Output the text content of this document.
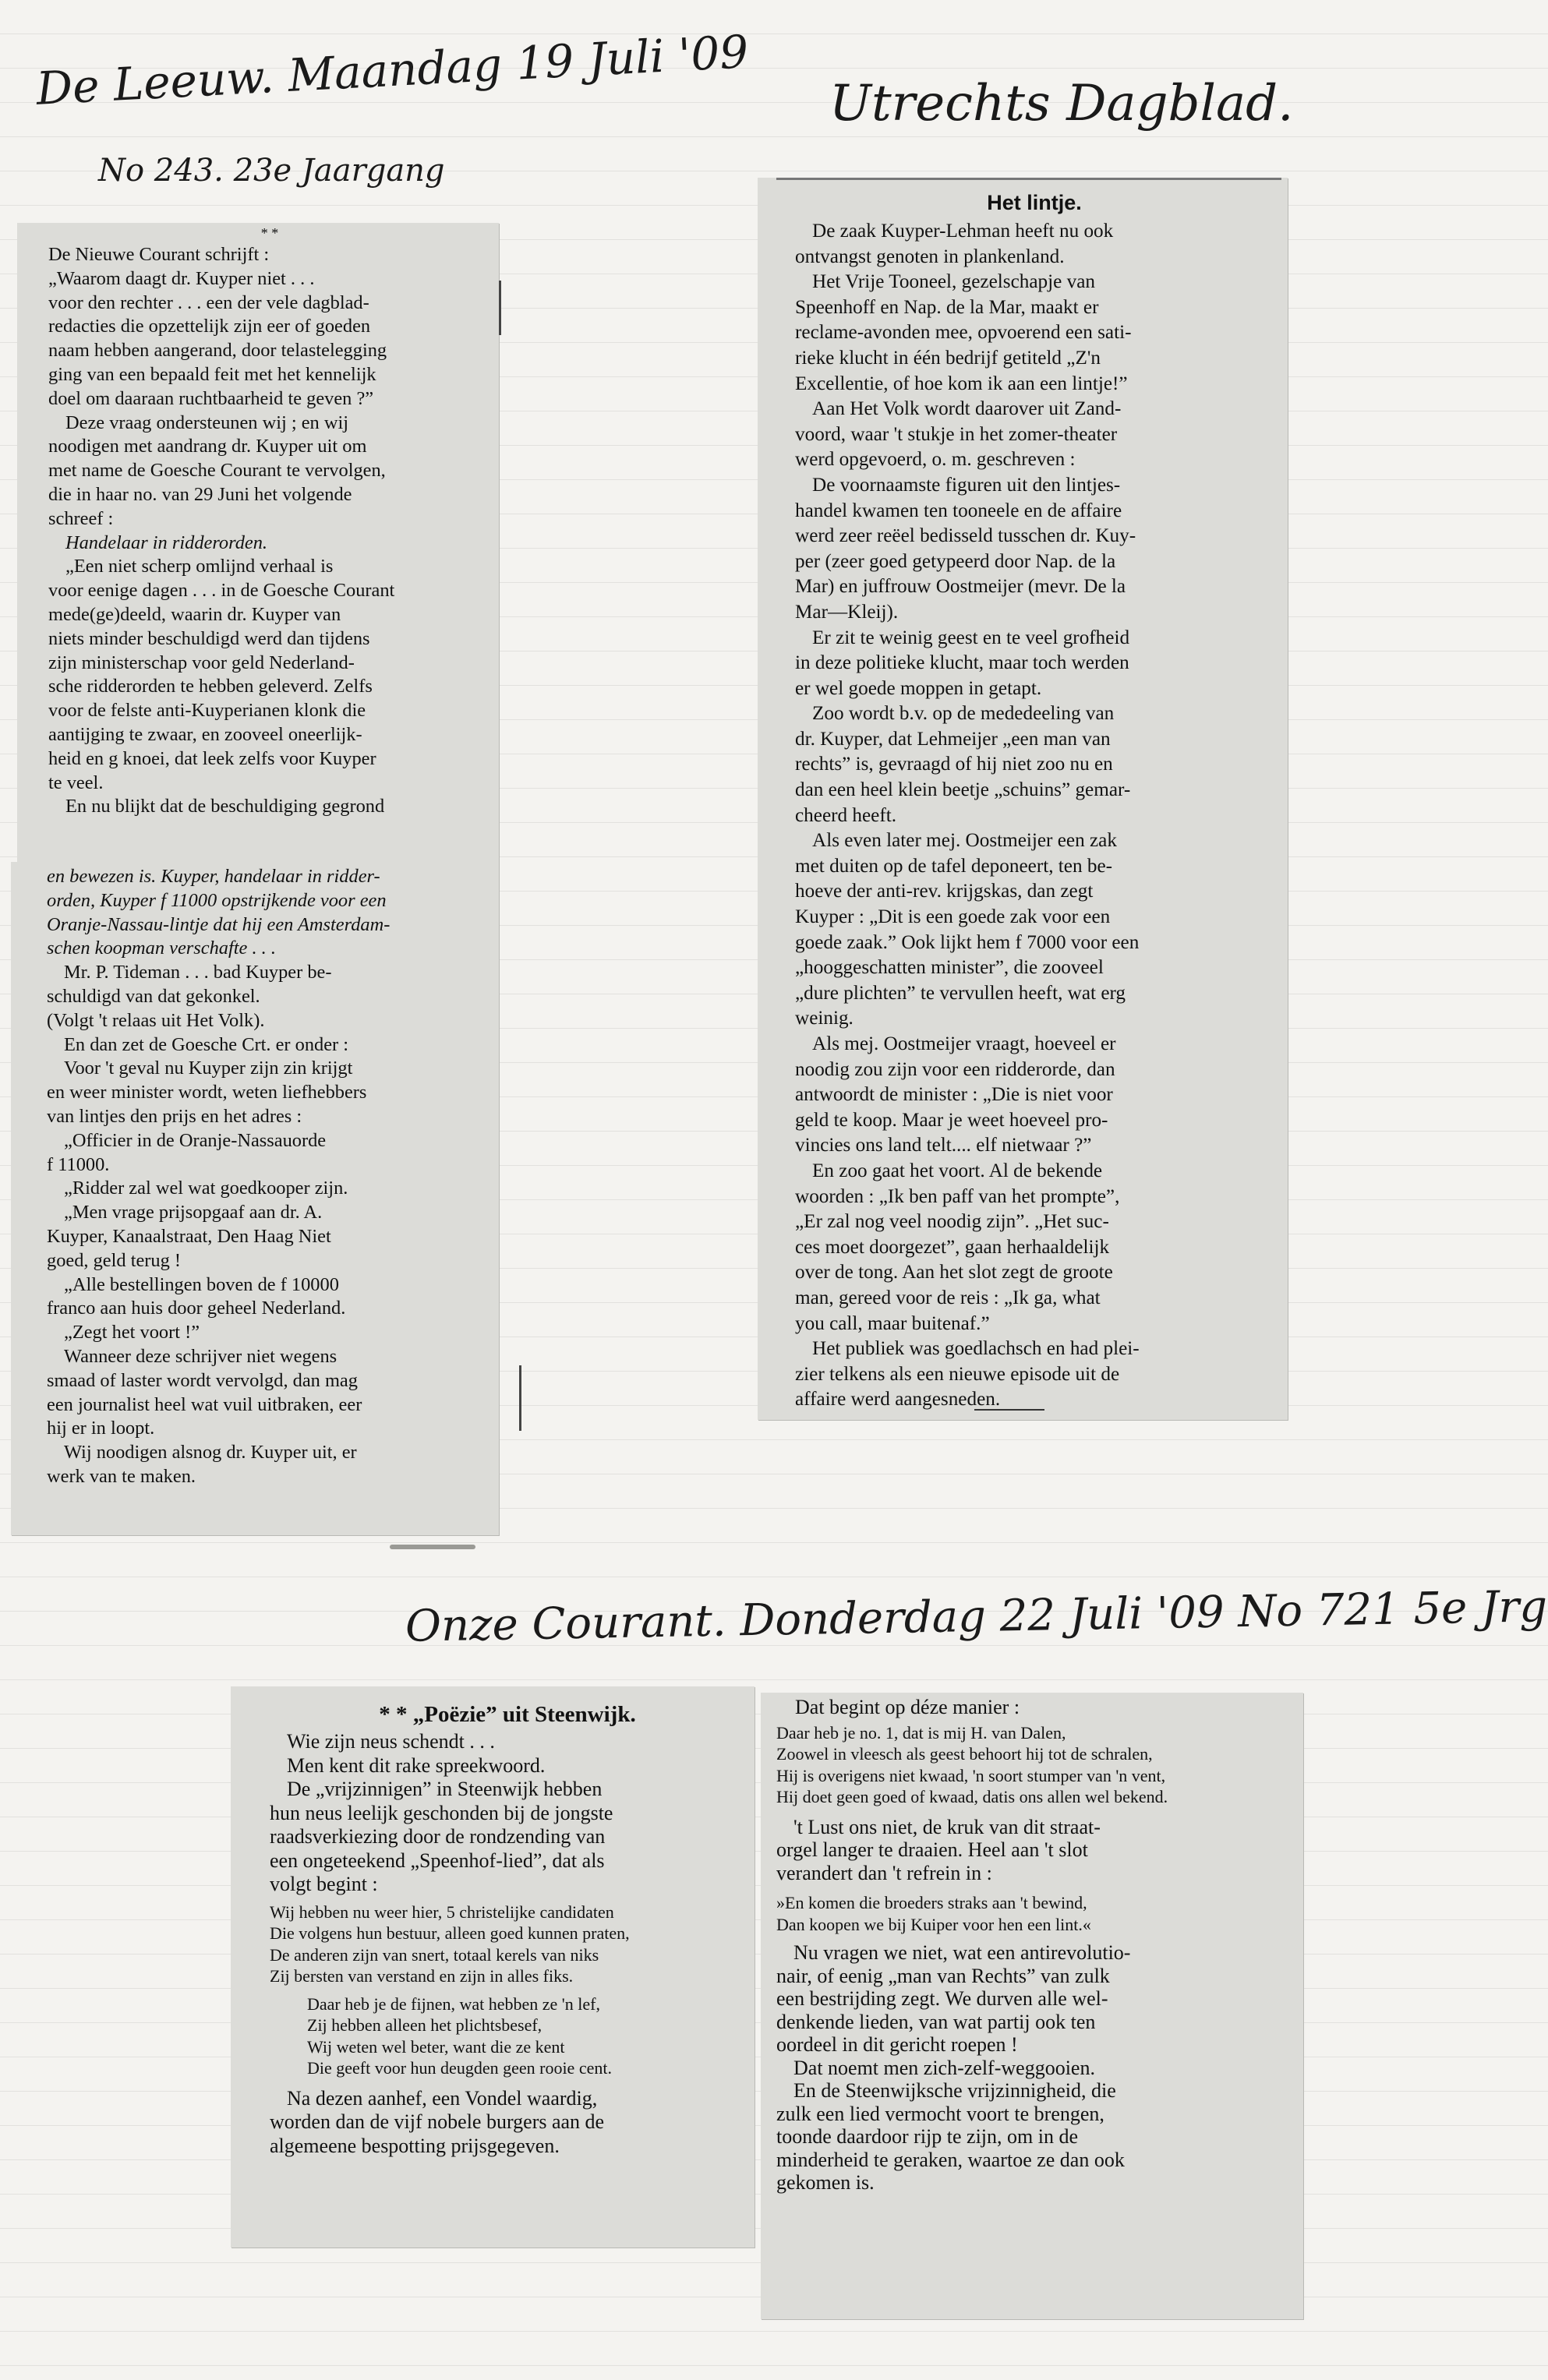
De Leeuw. Maandag 19 Juli '09
No 243. 23e Jaargang
Utrechts Dagblad.
Onze Courant. Donderdag 22 Juli '09 No 721 5e Jrg
* *

De Nieuwe Courant schrijft :

„Waarom daagt dr. Kuyper niet . . .

voor den rechter . . . een der vele dagblad-

redacties die opzettelijk zijn eer of goeden

naam hebben aangerand, door telastelegging

ging van een bepaald feit met het kennelijk

doel om daaraan ruchtbaarheid te geven ?”

Deze vraag ondersteunen wij ; en wij

noodigen met aandrang dr. Kuyper uit om

met name de Goesche Courant te vervolgen,

die in haar no. van 29 Juni het volgende

schreef :

Handelaar in ridderorden.

„Een niet scherp omlijnd verhaal is

voor eenige dagen . . . in de Goesche Courant

mede(ge)deeld, waarin dr. Kuyper van

niets minder beschuldigd werd dan tijdens

zijn ministerschap voor geld Nederland-

sche ridderorden te hebben geleverd. Zelfs

voor de felste anti-Kuyperianen klonk die

aantijging te zwaar, en zooveel oneerlijk-

heid en g knoei, dat leek zelfs voor Kuyper

te veel.

En nu blijkt dat de beschuldiging gegrond

en bewezen is. Kuyper, handelaar in ridder-

orden, Kuyper f 11000 opstrijkende voor een

Oranje-Nassau-lintje dat hij een Amsterdam-

schen koopman verschafte . . .

Mr. P. Tideman . . . bad Kuyper be-

schuldigd van dat gekonkel.

(Volgt 't relaas uit Het Volk).

En dan zet de Goesche Crt. er onder :

Voor 't geval nu Kuyper zijn zin krijgt

en weer minister wordt, weten liefhebbers

van lintjes den prijs en het adres :

„Officier in de Oranje-Nassauorde

f 11000.

„Ridder zal wel wat goedkooper zijn.

„Men vrage prijsopgaaf aan dr. A.

Kuyper, Kanaalstraat, Den Haag Niet

goed, geld terug !

„Alle bestellingen boven de f 10000

franco aan huis door geheel Nederland.

„Zegt het voort !”

Wanneer deze schrijver niet wegens

smaad of laster wordt vervolgd, dan mag

een journalist heel wat vuil uitbraken, eer

hij er in loopt.

Wij noodigen alsnog dr. Kuyper uit, er

werk van te maken.

Het lintje.

De zaak Kuyper-Lehman heeft nu ook

ontvangst genoten in plankenland.

Het Vrije Tooneel, gezelschapje van

Speenhoff en Nap. de la Mar, maakt er

reclame-avonden mee, opvoerend een sati-

rieke klucht in één bedrijf getiteld „Z'n

Excellentie, of hoe kom ik aan een lintje!”

Aan Het Volk wordt daarover uit Zand-

voord, waar 't stukje in het zomer-theater

werd opgevoerd, o. m. geschreven :

De voornaamste figuren uit den lintjes-

handel kwamen ten tooneele en de affaire

werd zeer reëel bedisseld tusschen dr. Kuy-

per (zeer goed getypeerd door Nap. de la

Mar) en juffrouw Oostmeijer (mevr. De la

Mar—Kleij).

Er zit te weinig geest en te veel grofheid

in deze politieke klucht, maar toch werden

er wel goede moppen in getapt.

Zoo wordt b.v. op de mededeeling van

dr. Kuyper, dat Lehmeijer „een man van

rechts” is, gevraagd of hij niet zoo nu en

dan een heel klein beetje „schuins” gemar-

cheerd heeft.

Als even later mej. Oostmeijer een zak

met duiten op de tafel deponeert, ten be-

hoeve der anti-rev. krijgskas, dan zegt

Kuyper : „Dit is een goede zak voor een

goede zaak.” Ook lijkt hem f 7000 voor een

„hooggeschatten minister”, die zooveel

„dure plichten” te vervullen heeft, wat erg

weinig.

Als mej. Oostmeijer vraagt, hoeveel er

noodig zou zijn voor een ridderorde, dan

antwoordt de minister : „Die is niet voor

geld te koop. Maar je weet hoeveel pro-

vincies ons land telt.... elf nietwaar ?”

En zoo gaat het voort. Al de bekende

woorden : „Ik ben paff van het prompte”,

„Er zal nog veel noodig zijn”. „Het suc-

ces moet doorgezet”, gaan herhaaldelijk

over de tong. Aan het slot zegt de groote

man, gereed voor de reis : „Ik ga, what

you call, maar buitenaf.”

Het publiek was goedlachsch en had plei-

zier telkens als een nieuwe episode uit de

affaire werd aangesneden.

* * „Poëzie” uit Steenwijk.

Wie zijn neus schendt . . .

Men kent dit rake spreekwoord.

De „vrijzinnigen” in Steenwijk hebben

hun neus leelijk geschonden bij de jongste

raadsverkiezing door de rondzending van

een ongeteekend „Speenhof-lied”, dat als

volgt begint :

Wij hebben nu weer hier, 5 christelijke candidaten

Die volgens hun bestuur, alleen goed kunnen praten,

De anderen zijn van snert, totaal kerels van niks

Zij bersten van verstand en zijn in alles fiks.

Daar heb je de fijnen, wat hebben ze 'n lef,

Zij hebben alleen het plichtsbesef,

Wij weten wel beter, want die ze kent

Die geeft voor hun deugden geen rooie cent.

Na dezen aanhef, een Vondel waardig,

worden dan de vijf nobele burgers aan de

algemeene bespotting prijsgegeven.

Dat begint op déze manier :

Daar heb je no. 1, dat is mij H. van Dalen,

Zoowel in vleesch als geest behoort hij tot de schralen,

Hij is overigens niet kwaad, 'n soort stumper van 'n vent,

Hij doet geen goed of kwaad, datis ons allen wel bekend.

't Lust ons niet, de kruk van dit straat-

orgel langer te draaien. Heel aan 't slot

verandert dan 't refrein in :

»En komen die broeders straks aan 't bewind,

Dan koopen we bij Kuiper voor hen een lint.«

Nu vragen we niet, wat een antirevolutio-

nair, of eenig „man van Rechts” van zulk

een bestrijding zegt. We durven alle wel-

denkende lieden, van wat partij ook ten

oordeel in dit gericht roepen !

Dat noemt men zich-zelf-weggooien.

En de Steenwijksche vrijzinnigheid, die

zulk een lied vermocht voort te brengen,

toonde daardoor rijp te zijn, om in de

minderheid te geraken, waartoe ze dan ook

gekomen is.
